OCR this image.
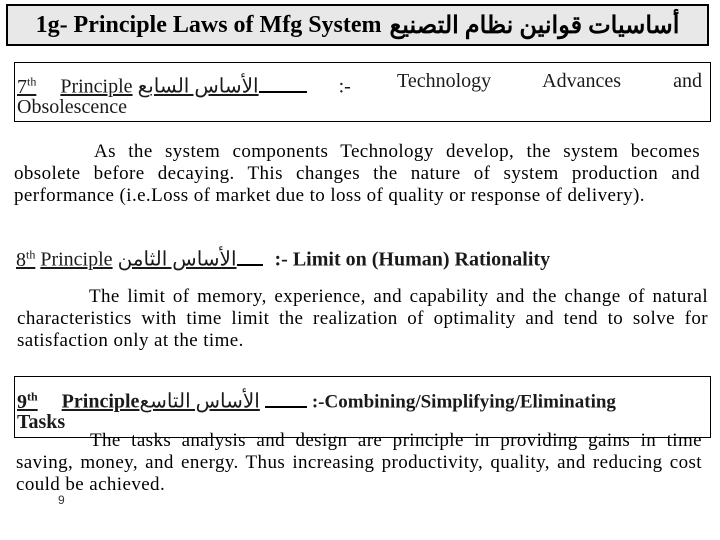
1g- Principle Laws of Mfg System أساسيات قوانين نظام التصنيع
7th Principle الأساس السابع	:- Technology Advances and
Obsolescence
As the system components Technology develop, the system becomes obsolete before decaying. This changes the nature of system production and performance (i.e.Loss of market due to loss of quality or response of delivery).
8th Principle الأساس الثامن :- Limit on (Human) Rationality
The limit of memory, experience, and capability and the change of natural characteristics with time limit the realization of optimality and tend to solve for satisfaction only at the time.
9th Principleالأساس التاسع	:-Combining/Simplifying/Eliminating
Tasks
The tasks analysis and design are principle in providing gains in time saving, money, and energy. Thus increasing productivity, quality, and reducing cost could be achieved.
9
